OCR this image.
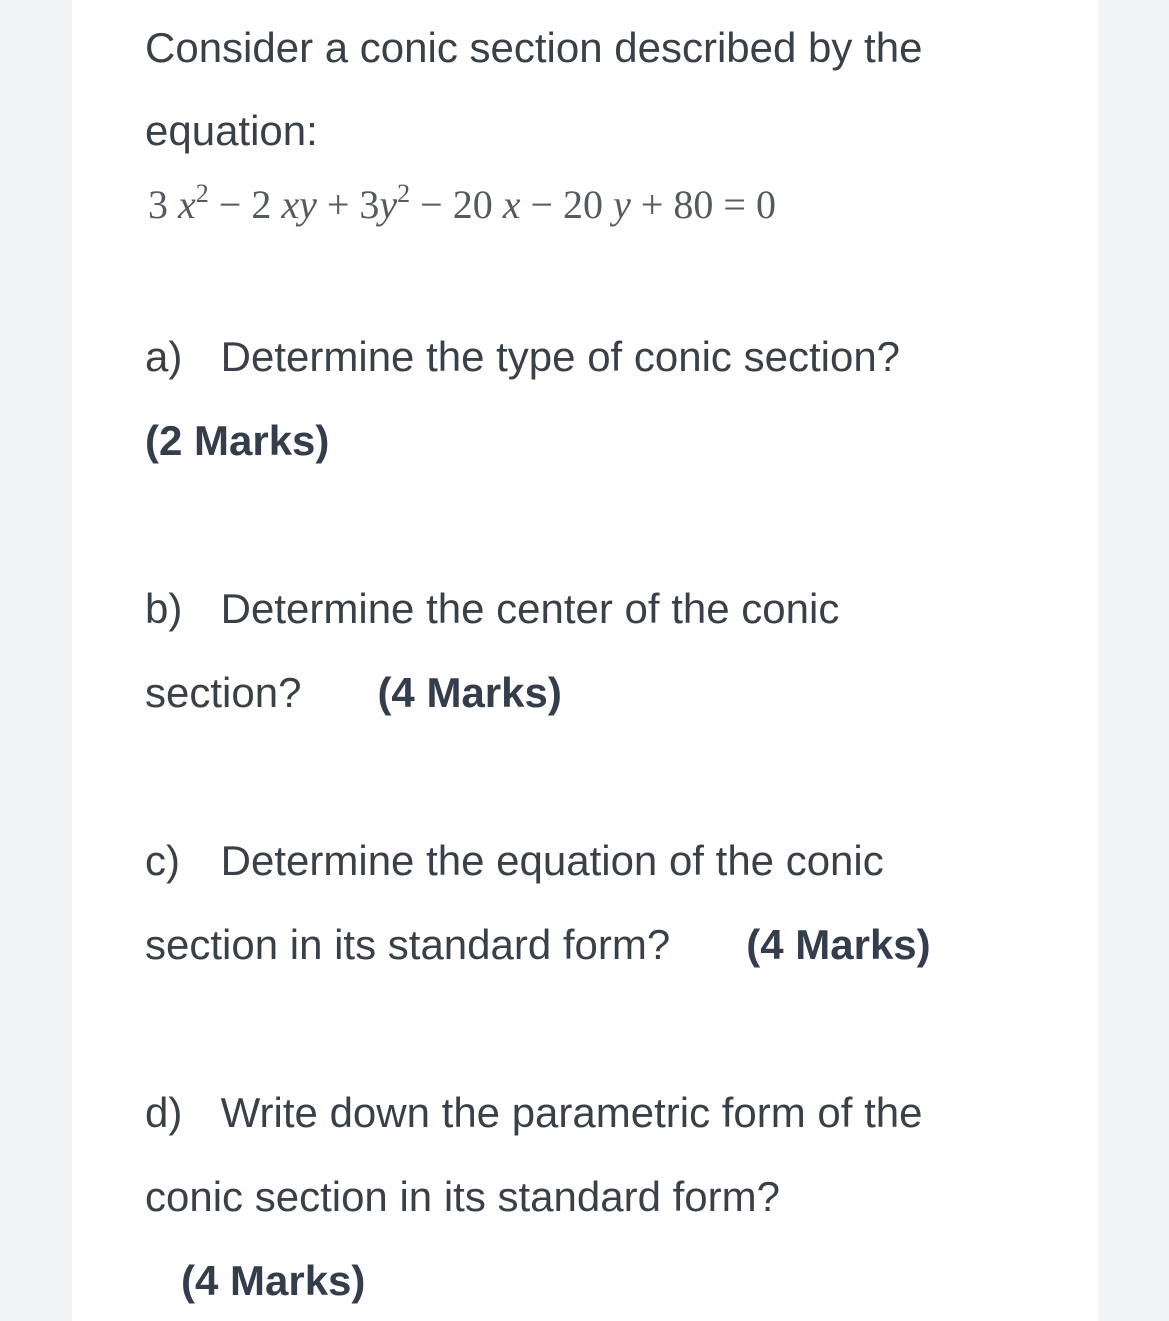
Consider a conic section described by the
equation:
3 $x^2 - 2$ xy + $3y^2 - 20$ x − 20 y + 80 = 0
a) Determine the type of conic section?
(2 Marks)
b) Determine the center of the conic
section? (4 Marks)
c) Determine the equation of the conic
section in its standard form? (4 Marks)
d) Write down the parametric form of the
conic section in its standard form?
(4 Marks)
